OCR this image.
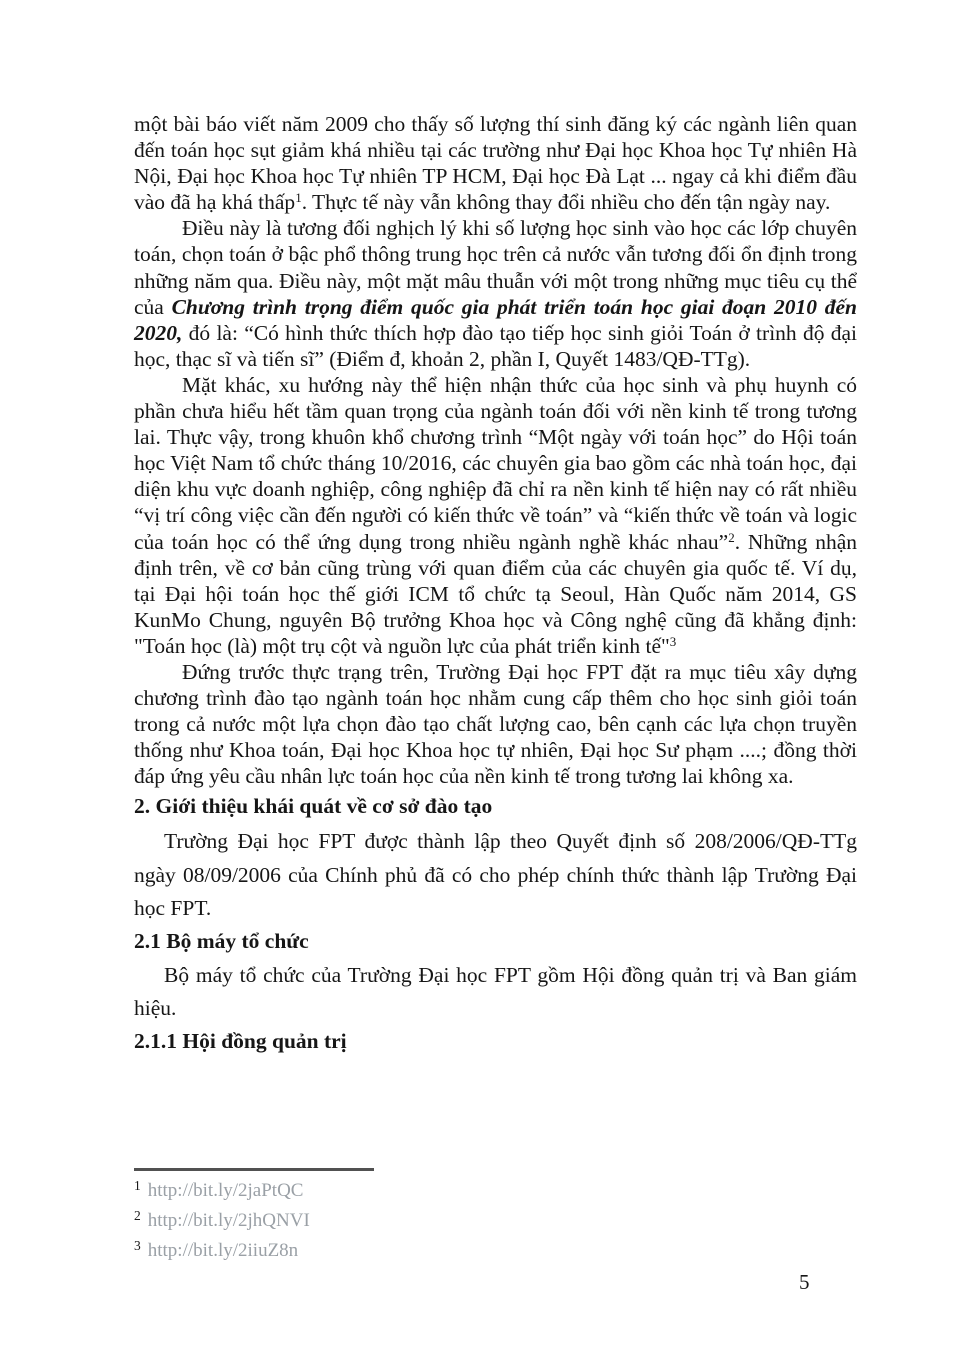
một bài báo viết năm 2009 cho thấy số lượng thí sinh đăng ký các ngành liên quan đến toán học sụt giảm khá nhiều tại các trường như Đại học Khoa học Tự nhiên Hà Nội, Đại học Khoa học Tự nhiên TP HCM, Đại học Đà Lạt ... ngay cả khi điểm đầu vào đã hạ khá thấp$^1$. Thực tế này vẫn không thay đổi nhiều cho đến tận ngày nay.

Điều này là tương đối nghịch lý khi số lượng học sinh vào học các lớp chuyên toán, chọn toán ở bậc phổ thông trung học trên cả nước vẫn tương đối ổn định trong những năm qua. Điều này, một mặt mâu thuẫn với một trong những mục tiêu cụ thể của Chương trình trọng điểm quốc gia phát triển toán học giai đoạn 2010 đến 2020, đó là: “Có hình thức thích hợp đào tạo tiếp học sinh giỏi Toán ở trình độ đại học, thạc sĩ và tiến sĩ” (Điểm đ, khoản 2, phần I, Quyết 1483/QĐ-TTg).

Mặt khác, xu hướng này thể hiện nhận thức của học sinh và phụ huynh có phần chưa hiểu hết tầm quan trọng của ngành toán đối với nền kinh tế trong tương lai. Thực vậy, trong khuôn khổ chương trình “Một ngày với toán học” do Hội toán học Việt Nam tổ chức tháng 10/2016, các chuyên gia bao gồm các nhà toán học, đại diện khu vực doanh nghiệp, công nghiệp đã chỉ ra nền kinh tế hiện nay có rất nhiều “vị trí công việc cần đến người có kiến thức về toán” và “kiến thức về toán và logic của toán học có thể ứng dụng trong nhiều ngành nghề khác nhau”$^2$. Những nhận định trên, về cơ bản cũng trùng với quan điểm của các chuyên gia quốc tế. Ví dụ, tại Đại hội toán học thế giới ICM tổ chức tạ Seoul, Hàn Quốc năm 2014, GS KunMo Chung, nguyên Bộ trưởng Khoa học và Công nghệ cũng đã khẳng định: "Toán học (là) một trụ cột và nguồn lực của phát triển kinh tế"$^3$

Đứng trước thực trạng trên, Trường Đại học FPT đặt ra mục tiêu xây dựng chương trình đào tạo ngành toán học nhằm cung cấp thêm cho học sinh giỏi toán trong cả nước một lựa chọn đào tạo chất lượng cao, bên cạnh các lựa chọn truyền thống như Khoa toán, Đại học Khoa học tự nhiên, Đại học Sư phạm ....; đồng thời đáp ứng yêu cầu nhân lực toán học của nền kinh tế trong tương lai không xa.

2. Giới thiệu khái quát về cơ sở đào tạo

Trường Đại học FPT được thành lập theo Quyết định số 208/2006/QĐ-TTg ngày 08/09/2006 của Chính phủ đã có cho phép chính thức thành lập Trường Đại học FPT.

2.1 Bộ máy tổ chức

Bộ máy tổ chức của Trường Đại học FPT gồm Hội đồng quản trị và Ban giám hiệu.

2.1.1 Hội đồng quản trị

$^1$ http://bit.ly/2jaPtQC

$^2$ http://bit.ly/2jhQNVI

$^3$ http://bit.ly/2iiuZ8n

5
